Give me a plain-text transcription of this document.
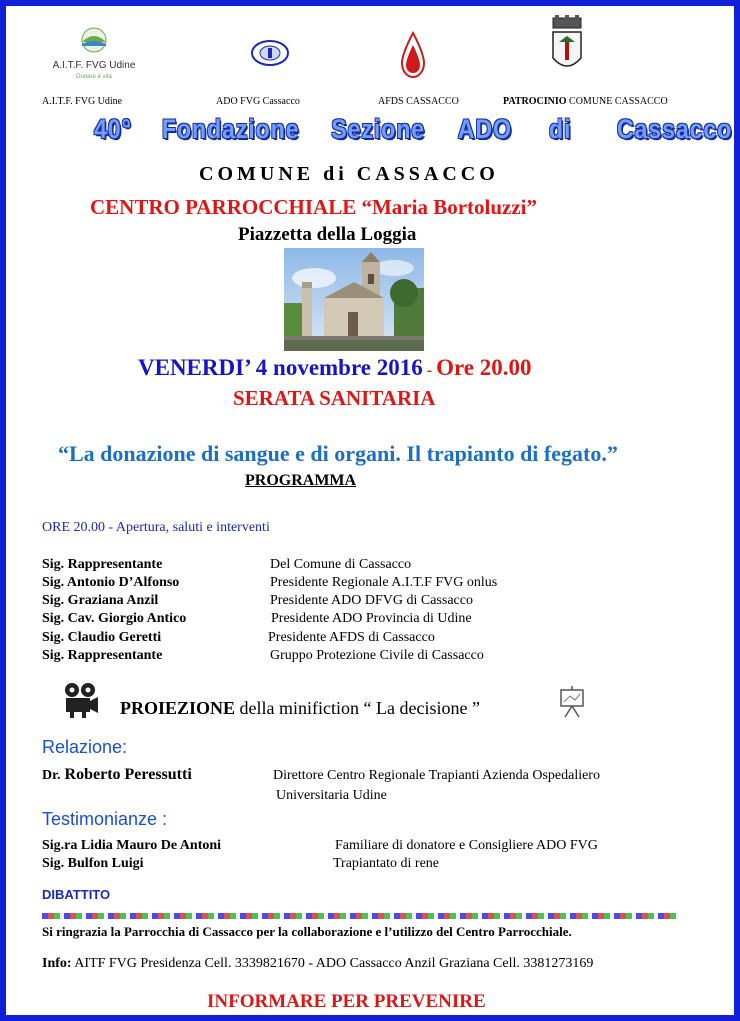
A.I.T.F. FVG Udine
Donare è vita
A.I.T.F. FVG Udine	ADO FVG Cassacco	AFDS CASSACCO	PATROCINIO COMUNE CASSACCO
40° Fondazione Sezione ADO di Cassacco
COMUNE di CASSACCO
CENTRO PARROCCHIALE “Maria Bortoluzzi”
Piazzetta della Loggia
VENERDI’ 4 novembre 2016 - Ore 20.00
SERATA SANITARIA
“La donazione di sangue e di organi. Il trapianto di fegato.”
PROGRAMMA
ORE 20.00 - Apertura, saluti e interventi
Sig. Rappresentante	Del Comune di Cassacco
Sig. Antonio D’Alfonso	Presidente Regionale A.I.T.F FVG onlus
Sig. Graziana Anzil	Presidente ADO DFVG di Cassacco
Sig. Cav. Giorgio Antico	Presidente ADO Provincia di Udine
Sig. Claudio Geretti	Presidente AFDS di Cassacco
Sig. Rappresentante	Gruppo Protezione Civile di Cassacco
PROIEZIONE della minifiction “ La decisione ”
Relazione:
Dr. Roberto Peressutti	Direttore Centro Regionale Trapianti Azienda Ospedaliero
Universitaria Udine
Testimonianze :
Sig.ra Lidia Mauro De Antoni	Familiare di donatore e Consigliere ADO FVG
Sig. Bulfon Luigi	Trapiantato di rene
DIBATTITO
Si ringrazia la Parrocchia di Cassacco per la collaborazione e l’utilizzo del Centro Parrocchiale.
Info: AITF FVG Presidenza Cell. 3339821670 - ADO Cassacco Anzil Graziana Cell. 3381273169
INFORMARE PER PREVENIRE
